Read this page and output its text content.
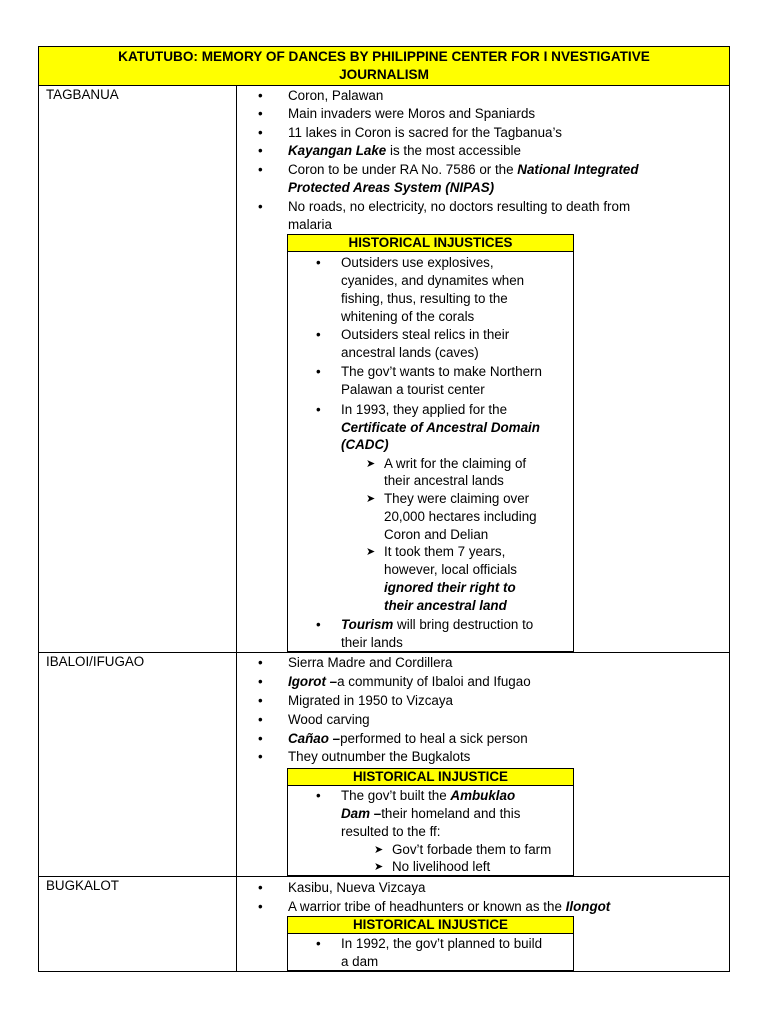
KATUTUBO: MEMORY OF DANCES BY PHILIPPINE CENTER FOR I NVESTIGATIVE
JOURNALISM
TAGBANUA	• Coron, Palawan
• Main invaders were Moros and Spaniards
• 11 lakes in Coron is sacred for the Tagbanua’s
• Kayangan Lake is the most accessible
• Coron to be under RA No. 7586 or the National Integrated
Protected Areas System (NIPAS)
• No roads, no electricity, no doctors resulting to death from
malaria
HISTORICAL INJUSTICES
• Outsiders use explosives,
cyanides, and dynamites when
fishing, thus, resulting to the
whitening of the corals
• Outsiders steal relics in their
ancestral lands (caves)
• The gov’t wants to make Northern
Palawan a tourist center
• In 1993, they applied for the
Certificate of Ancestral Domain
(CADC)
➤ A writ for the claiming of
their ancestral lands
➤ They were claiming over
20,000 hectares including
Coron and Delian
➤ It took them 7 years,
however, local officials
ignored their right to
their ancestral land
• Tourism will bring destruction to
their lands
IBALOI/IFUGAO	• Sierra Madre and Cordillera
• Igorot –a community of Ibaloi and Ifugao
• Migrated in 1950 to Vizcaya
• Wood carving
• Cañao –performed to heal a sick person
• They outnumber the Bugkalots
HISTORICAL INJUSTICE
• The gov’t built the Ambuklao
Dam –their homeland and this
resulted to the ff:
➤ Gov’t forbade them to farm
➤ No livelihood left
BUGKALOT	• Kasibu, Nueva Vizcaya
• A warrior tribe of headhunters or known as the Ilongot
HISTORICAL INJUSTICE
• In 1992, the gov’t planned to build
a dam
